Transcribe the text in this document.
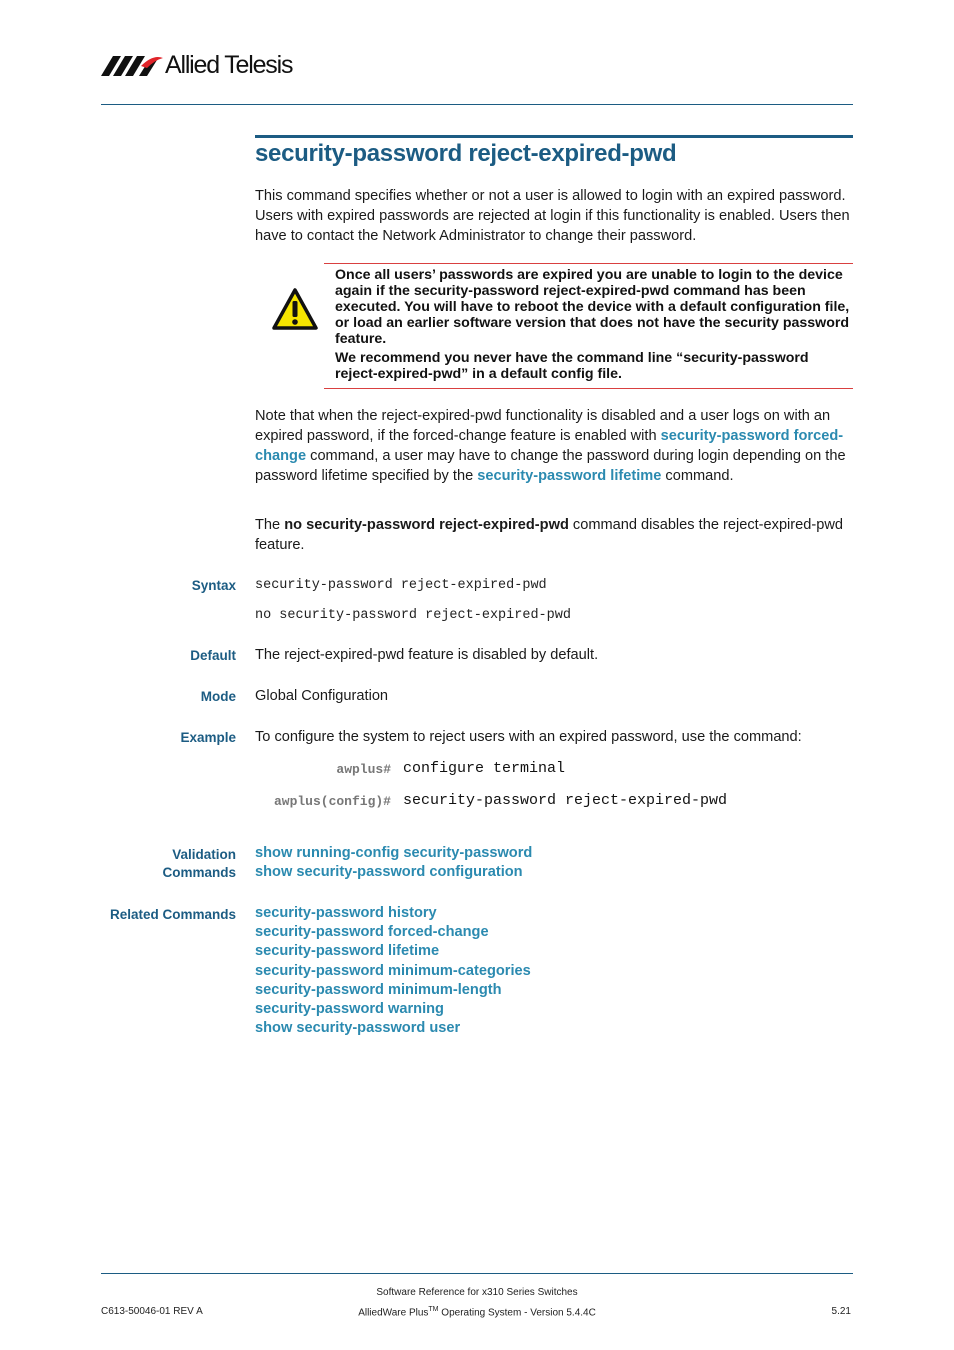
Allied Telesis
security-password reject-expired-pwd
This command specifies whether or not a user is allowed to login with an expired password. Users with expired passwords are rejected at login if this functionality is enabled. Users then have to contact the Network Administrator to change their password.
Once all users’ passwords are expired you are unable to login to the device again if the security-password reject-expired-pwd command has been executed. You will have to reboot the device with a default configuration file, or load an earlier software version that does not have the security password feature.
We recommend you never have the command line “security-password reject-expired-pwd” in a default config file.
Note that when the reject-expired-pwd functionality is disabled and a user logs on with an expired password, if the forced-change feature is enabled with security-password forced-change command, a user may have to change the password during login depending on the password lifetime specified by the security-password lifetime command.
The no security-password reject-expired-pwd command disables the reject-expired-pwd feature.
Syntax security-password reject-expired-pwd
no security-password reject-expired-pwd
Default The reject-expired-pwd feature is disabled by default.
Mode Global Configuration
Example To configure the system to reject users with an expired password, use the command:
awplus# configure terminal
awplus(config)# security-password reject-expired-pwd
Validation
Commands
show running-config security-password
show security-password configuration
Related Commands security-password history
security-password forced-change
security-password lifetime
security-password minimum-categories
security-password minimum-length
security-password warning
show security-password user
Software Reference for x310 Series Switches
C613-50046-01 REV A	AlliedWare Plus™ Operating System - Version 5.4.4C	5.21
